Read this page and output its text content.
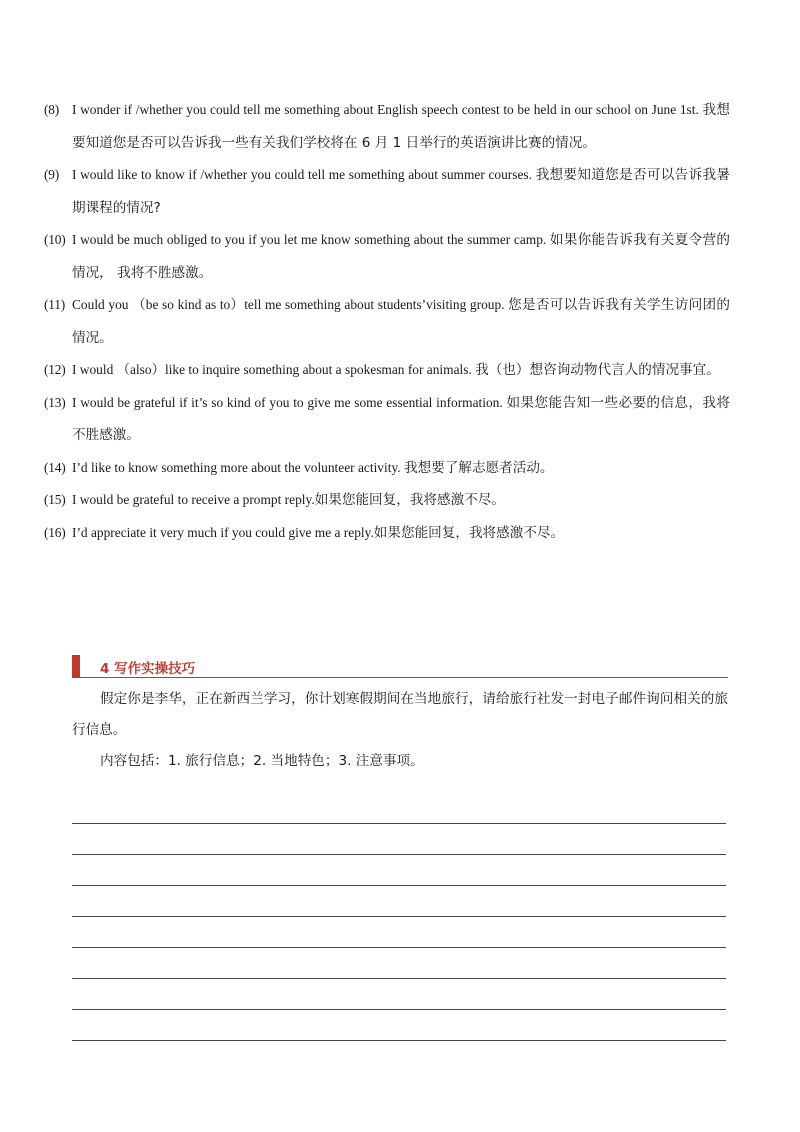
(8) I wonder if /whether you could tell me something about English speech contest to be held in our school on June 1st. 我想要知道您是否可以告诉我一些有关我们学校将在 6 月 1 日举行的英语演讲比赛的情况。
(9) I would like to know if /whether you could tell me something about summer courses. 我想要知道您是否可以告诉我暑期课程的情况?
(10) I would be much obliged to you if you let me know something about the summer camp. 如果你能告诉我有关夏令营的情况， 我将不胜感激。
(11) Could you （be so kind as to）tell me something about students’visiting group. 您是否可以告诉我有关学生访问团的情况。
(12) I would （also）like to inquire something about a spokesman for animals. 我（也）想咨询动物代言人的情况事宜。
(13) I would be grateful if it’s so kind of you to give me some essential information. 如果您能告知一些必要的信息，我将不胜感激。
(14) I’d like to know something more about the volunteer activity. 我想要了解志愿者活动。
(15) I would be grateful to receive a prompt reply.如果您能回复，我将感激不尽。
(16) I’d appreciate it very much if you could give me a reply.如果您能回复，我将感激不尽。
4 写作实操技巧

假定你是李华，正在新西兰学习，你计划寒假期间在当地旅行，请给旅行社发一封电子邮件询问相关的旅行信息。

内容包括：1. 旅行信息；2. 当地特色；3. 注意事项。
